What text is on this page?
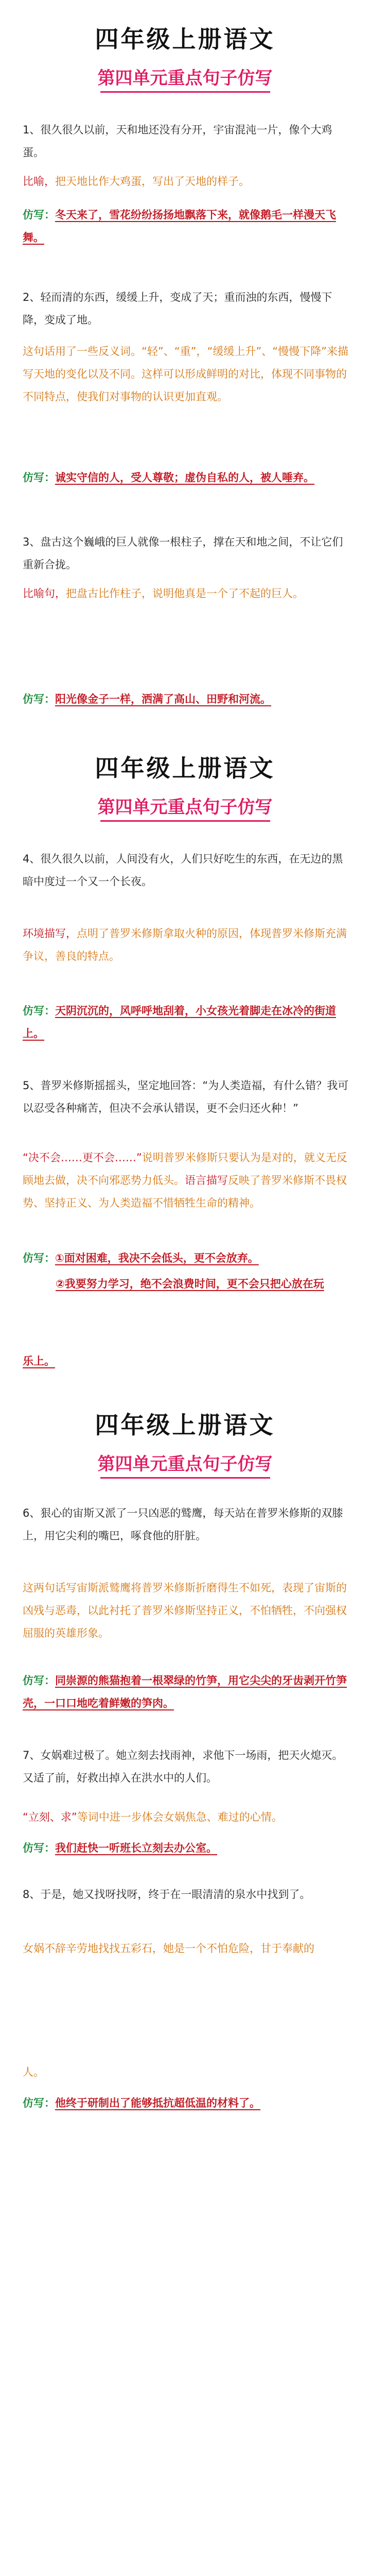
四年级上册语文
第四单元重点句子仿写

1、很久很久以前，天和地还没有分开，宇宙混沌一片，像个大鸡蛋。

比喻，把天地比作大鸡蛋，写出了天地的样子。

仿写：冬天来了，雪花纷纷扬扬地飘落下来，就像鹅毛一样漫天飞舞。

2、轻而清的东西，缓缓上升，变成了天；重而浊的东西，慢慢下降，变成了地。

这句话用了一些反义词。“轻”、“重”，“缓缓上升”、“慢慢下降”来描写天地的变化以及不同。这样可以形成鲜明的对比，体现不同事物的不同特点，使我们对事物的认识更加直观。

仿写：诚实守信的人，受人尊敬；虚伪自私的人，被人唾弃。

3、盘古这个巍峨的巨人就像一根柱子，撑在天和地之间，不让它们重新合拢。

比喻句，把盘古比作柱子，说明他真是一个了不起的巨人。

仿写：阳光像金子一样，洒满了高山、田野和河流。

四年级上册语文
第四单元重点句子仿写

4、很久很久以前，人间没有火，人们只好吃生的东西，在无边的黑暗中度过一个又一个长夜。

环境描写，点明了普罗米修斯拿取火种的原因，体现普罗米修斯充满争议，善良的特点。

仿写：天阴沉沉的，风呼呼地刮着，小女孩光着脚走在冰冷的街道上。

5、普罗米修斯摇摇头，坚定地回答：“为人类造福，有什么错？我可以忍受各种痛苦，但决不会承认错误，更不会归还火种！”

“决不会……更不会……”说明普罗米修斯只要认为是对的，就义无反顾地去做，决不向邪恶势力低头。语言描写反映了普罗米修斯不畏权势、坚持正义、为人类造福不惜牺牲生命的精神。

仿写：①面对困难，我决不会低头，更不会放弃。

②我要努力学习，绝不会浪费时间，更不会只把心放在玩

乐上。

四年级上册语文
第四单元重点句子仿写

6、狠心的宙斯又派了一只凶恶的鹫鹰，每天站在普罗米修斯的双膝上，用它尖利的嘴巴，啄食他的肝脏。

这两句话写宙斯派鹫鹰将普罗米修斯折磨得生不如死，表现了宙斯的凶残与恶毒，以此衬托了普罗米修斯坚持正义，不怕牺牲，不向强权屈服的英雄形象。

仿写：同崇源的熊猫抱着一根翠绿的竹笋，用它尖尖的牙齿剥开竹笋壳，一口口地吃着鲜嫩的笋肉。

7、女娲难过极了。她立刻去找雨神，求他下一场雨，把天火熄灭。又适了前，好救出掉入在洪水中的人们。

“立刻、求”等词中进一步体会女娲焦急、难过的心情。

仿写：我们赶快一听班长立刻去办公室。

8、于是，她又找呀找呀，终于在一眼清清的泉水中找到了。

女娲不辞辛劳地找找五彩石，她是一个不怕危险，甘于奉献的

人。

仿写：他终于研制出了能够抵抗超低温的材料了。
